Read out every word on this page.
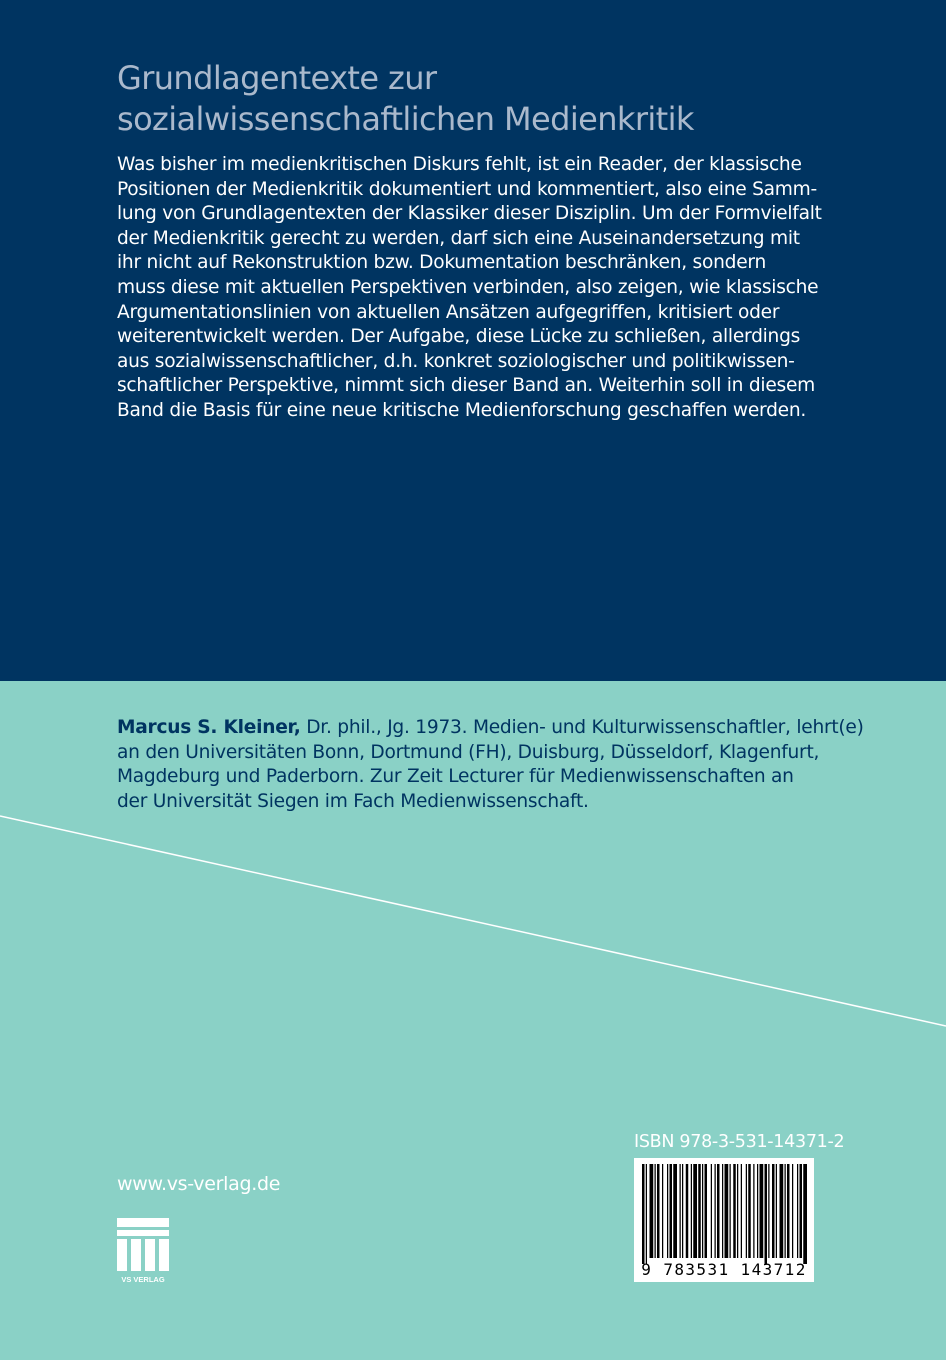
Grundlagentexte zur
sozialwissenschaftlichen Medienkritik
Was bisher im medienkritischen Diskurs fehlt, ist ein Reader, der klassische
Positionen der Medienkritik dokumentiert und kommentiert, also eine Samm-
lung von Grundlagentexten der Klassiker dieser Disziplin. Um der Formvielfalt
der Medienkritik gerecht zu werden, darf sich eine Auseinandersetzung mit
ihr nicht auf Rekonstruktion bzw. Dokumentation beschränken, sondern
muss diese mit aktuellen Perspektiven verbinden, also zeigen, wie klassische
Argumentationslinien von aktuellen Ansätzen aufgegriffen, kritisiert oder
weiterentwickelt werden. Der Aufgabe, diese Lücke zu schließen, allerdings
aus sozialwissenschaftlicher, d.h. konkret soziologischer und politikwissen-
schaftlicher Perspektive, nimmt sich dieser Band an. Weiterhin soll in diesem
Band die Basis für eine neue kritische Medienforschung geschaffen werden.
Marcus S. Kleiner, Dr. phil., Jg. 1973. Medien- und Kulturwissenschaftler, lehrt(e)
an den Universitäten Bonn, Dortmund (FH), Duisburg, Düsseldorf, Klagenfurt,
Magdeburg und Paderborn. Zur Zeit Lecturer für Medienwissenschaften an
der Universität Siegen im Fach Medienwissenschaft.
www.vs-verlag.de
VS VERLAG
ISBN 978-3-531-14371-2
9 783531 143712
